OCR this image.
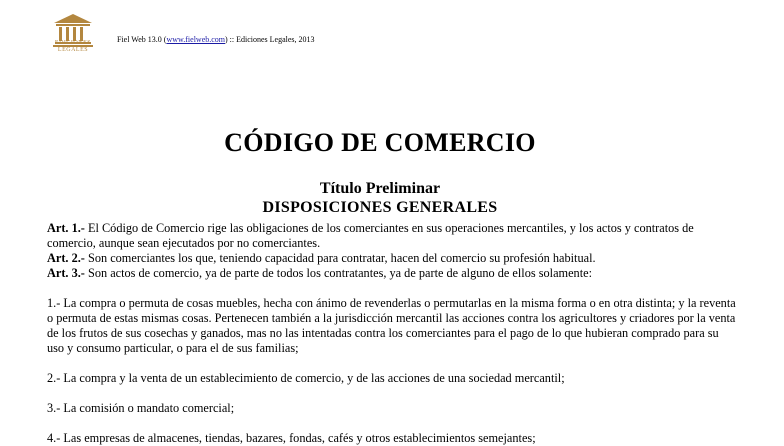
EDICIONES
LEGALES
Fiel Web 13.0 (www.fielweb.com) :: Ediciones Legales, 2013
CÓDIGO DE COMERCIO
Título Preliminar
DISPOSICIONES GENERALES

Art. 1.- El Código de Comercio rige las obligaciones de los comerciantes en sus operaciones mercantiles, y los actos y contratos de comercio, aunque sean ejecutados por no comerciantes.

Art. 2.- Son comerciantes los que, teniendo capacidad para contratar, hacen del comercio su profesión habitual.

Art. 3.- Son actos de comercio, ya de parte de todos los contratantes, ya de parte de alguno de ellos solamente:

1.- La compra o permuta de cosas muebles, hecha con ánimo de revenderlas o permutarlas en la misma forma o en otra distinta; y la reventa o permuta de estas mismas cosas. Pertenecen también a la jurisdicción mercantil las acciones contra los agricultores y criadores por la venta de los frutos de sus cosechas y ganados, mas no las intentadas contra los comerciantes para el pago de lo que hubieran comprado para su uso y consumo particular, o para el de sus familias;

2.- La compra y la venta de un establecimiento de comercio, y de las acciones de una sociedad mercantil;

3.- La comisión o mandato comercial;

4.- Las empresas de almacenes, tiendas, bazares, fondas, cafés y otros establecimientos semejantes;
